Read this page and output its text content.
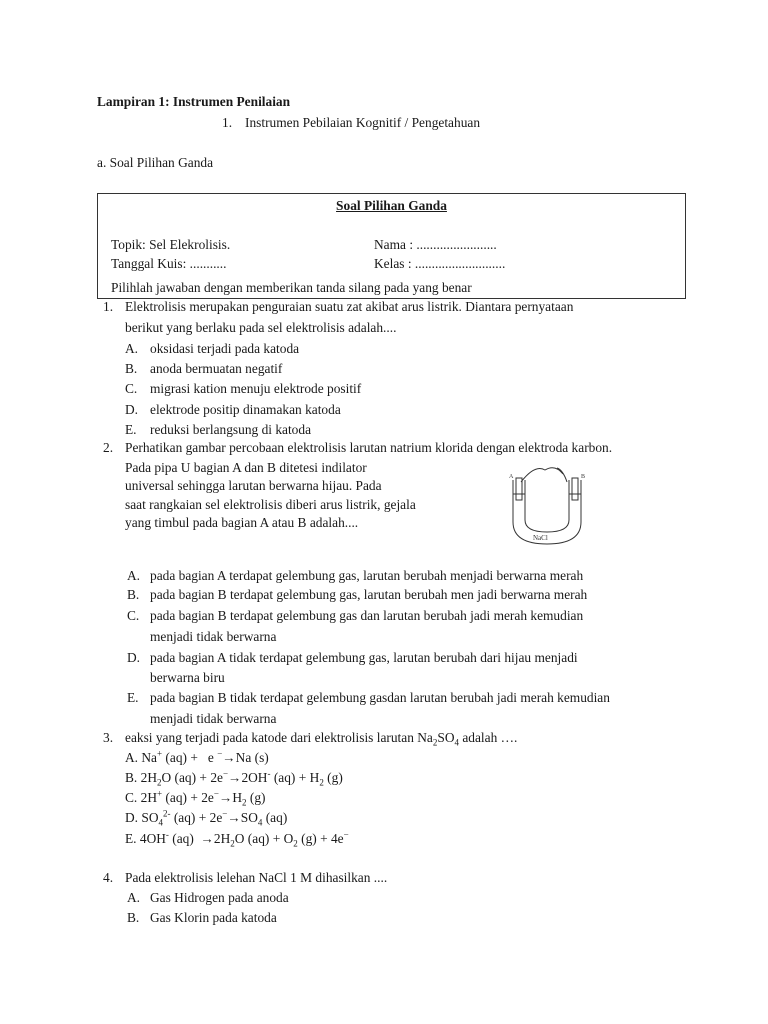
Lampiran 1: Instrumen Penilaian
1. Instrumen Pebilaian Kognitif / Pengetahuan
a. Soal Pilihan Ganda
Soal Pilihan Ganda
Topik: Sel Elekrolisis.	Nama : ........................
Tanggal Kuis: ...........	Kelas : ...........................
Pilihlah jawaban dengan memberikan tanda silang pada yang benar
1. Elektrolisis merupakan penguraian suatu zat akibat arus listrik. Diantara pernyataan
berikut yang berlaku pada sel elektrolisis adalah....
A. oksidasi terjadi pada katoda
B. anoda bermuatan negatif
C. migrasi kation menuju elektrode positif
D. elektrode positip dinamakan katoda
E. reduksi berlangsung di katoda
2. Perhatikan gambar percobaan elektrolisis larutan natrium klorida dengan elektroda karbon.
Pada pipa U bagian A dan B ditetesi indilator
universal sehingga larutan berwarna hijau. Pada
saat rangkaian sel elektrolisis diberi arus listrik, gejala
yang timbul pada bagian A atau B adalah....
A	B
NaCl
A. pada bagian A terdapat gelembung gas, larutan berubah menjadi berwarna merah
B. pada bagian B terdapat gelembung gas, larutan berubah men jadi berwarna merah
C. pada bagian B terdapat gelembung gas dan larutan berubah jadi merah kemudian
menjadi tidak berwarna
D. pada bagian A tidak terdapat gelembung gas, larutan berubah dari hijau menjadi
berwarna biru
E. pada bagian B tidak terdapat gelembung gasdan larutan berubah jadi merah kemudian
menjadi tidak berwarna
3. eaksi yang terjadi pada katode dari elektrolisis larutan $Na_2SO_4$ adalah ….
A. Na+ (aq) +   e −→Na (s)
B. $2H_2O$ (aq) + 2e−→2OH- $(aq) + H_2$ (g)
C. 2H+ $(aq) + 2e^-\to H_2$ (g)
D. $SO_4^{2-}$ $(aq) + 2e^-\to SO_4$ (aq)
E. 4OH- $(aq) \to 2H_2O$ $(aq) + O_2$ (g) + 4e−
4. Pada elektrolisis lelehan NaCl 1 M dihasilkan ....
A. Gas Hidrogen pada anoda
B. Gas Klorin pada katoda
